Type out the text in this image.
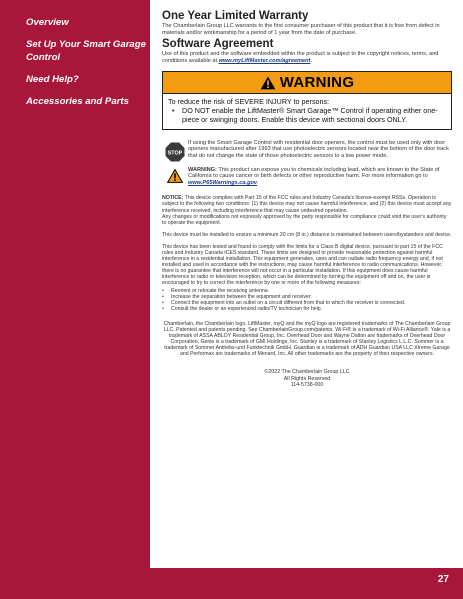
Overview
Set Up Your Smart Garage Control
Need Help?
Accessories and Parts
One Year Limited Warranty

The Chamberlain Group LLC warrants to the first consumer purchaser of this product that it is free from defect in materials and/or workmanship for a period of 1 year from the date of purchase.

Software Agreement

Use of this product and the software embedded within the product is subject to the copyright notices, terms, and conditions available at www.myLiftMaster.com/agreement.

WARNING
To reduce the risk of SEVERE INJURY to persons:
•	DO NOT enable the LiftMaster® Smart Garage™ Control if operating either one-piece or swinging doors. Enable this device with sectional doors ONLY.
STOP
If using the Smart Garage Control with residential door openers, the control must be used only with door openers manufactured after 1993 that use photoelectric sensors located near the bottom of the door track that do not change the state of those photoelectric sensors to a low power mode.
WARNING: This product can expose you to chemicals including lead, which are known to the State of California to cause cancer or birth defects or other reproductive harm. For more information go to www.P65Warnings.ca.gov.

NOTICE: This device complies with Part 15 of the FCC rules and Industry Canada's license-exempt RSSs. Operation is subject to the following two conditions: (1) this device may not cause harmful interference, and (2) this device must accept any interference received, including interference that may cause undesired operation.

Any changes or modifications not expressly approved by the party responsible for compliance could void the user's authority to operate the equipment.

This device must be installed to ensure a minimum 20 cm (8 in.) distance is maintained between users/bystanders and device.

This device has been tested and found to comply with the limits for a Class B digital device, pursuant to part 15 of the FCC rules and Industry Canada ICES standard. These limits are designed to provide reasonable protection against harmful interference in a residential installation. This equipment generates, uses and can radiate radio frequency energy and, if not installed and used in accordance with the instructions, may cause harmful interference to radio communications. However, there is no guarantee that interference will not occur in a particular installation. If this equipment does cause harmful interference to radio or television reception, which can be determined by turning the equipment off and on, the user is encouraged to try to correct the interference by one or more of the following measures:

•	Reorient or relocate the receiving antenna.
•	Increase the separation between the equipment and receiver.
•	Connect the equipment into an outlet on a circuit different from that to which the receiver is connected.
•	Consult the dealer or an experienced radio/TV technician for help.

Chamberlain, the Chamberlain logo, LiftMaster, myQ and the myQ logo are registered trademarks of The Chamberlain Group LLC. Patented and patents pending. See ChamberlainGroup.com/patents. Wi-Fi® is a trademark of Wi-Fi Alliance®. Yale is a trademark of ASSA ABLOY Residential Group, Inc. Overhead Door and Wayne Dalton are trademarks of Overhead Door Corporation. Genie is a trademark of GMI Holdings, Inc. Stanley is a trademark of Stanley Logistics L.L.C. Sommer is a trademark of Sommer Antriebs-und Funktechnik GmbH. Guardian is a trademark of ADH Guardian USA LLC Xtreme Garage and Performax are trademarks of Menard, Inc. All other trademarks are the property of their respective owners.

©2022 The Chamberlain Group LLC

All Rights Reserved

114-5738-000

27
